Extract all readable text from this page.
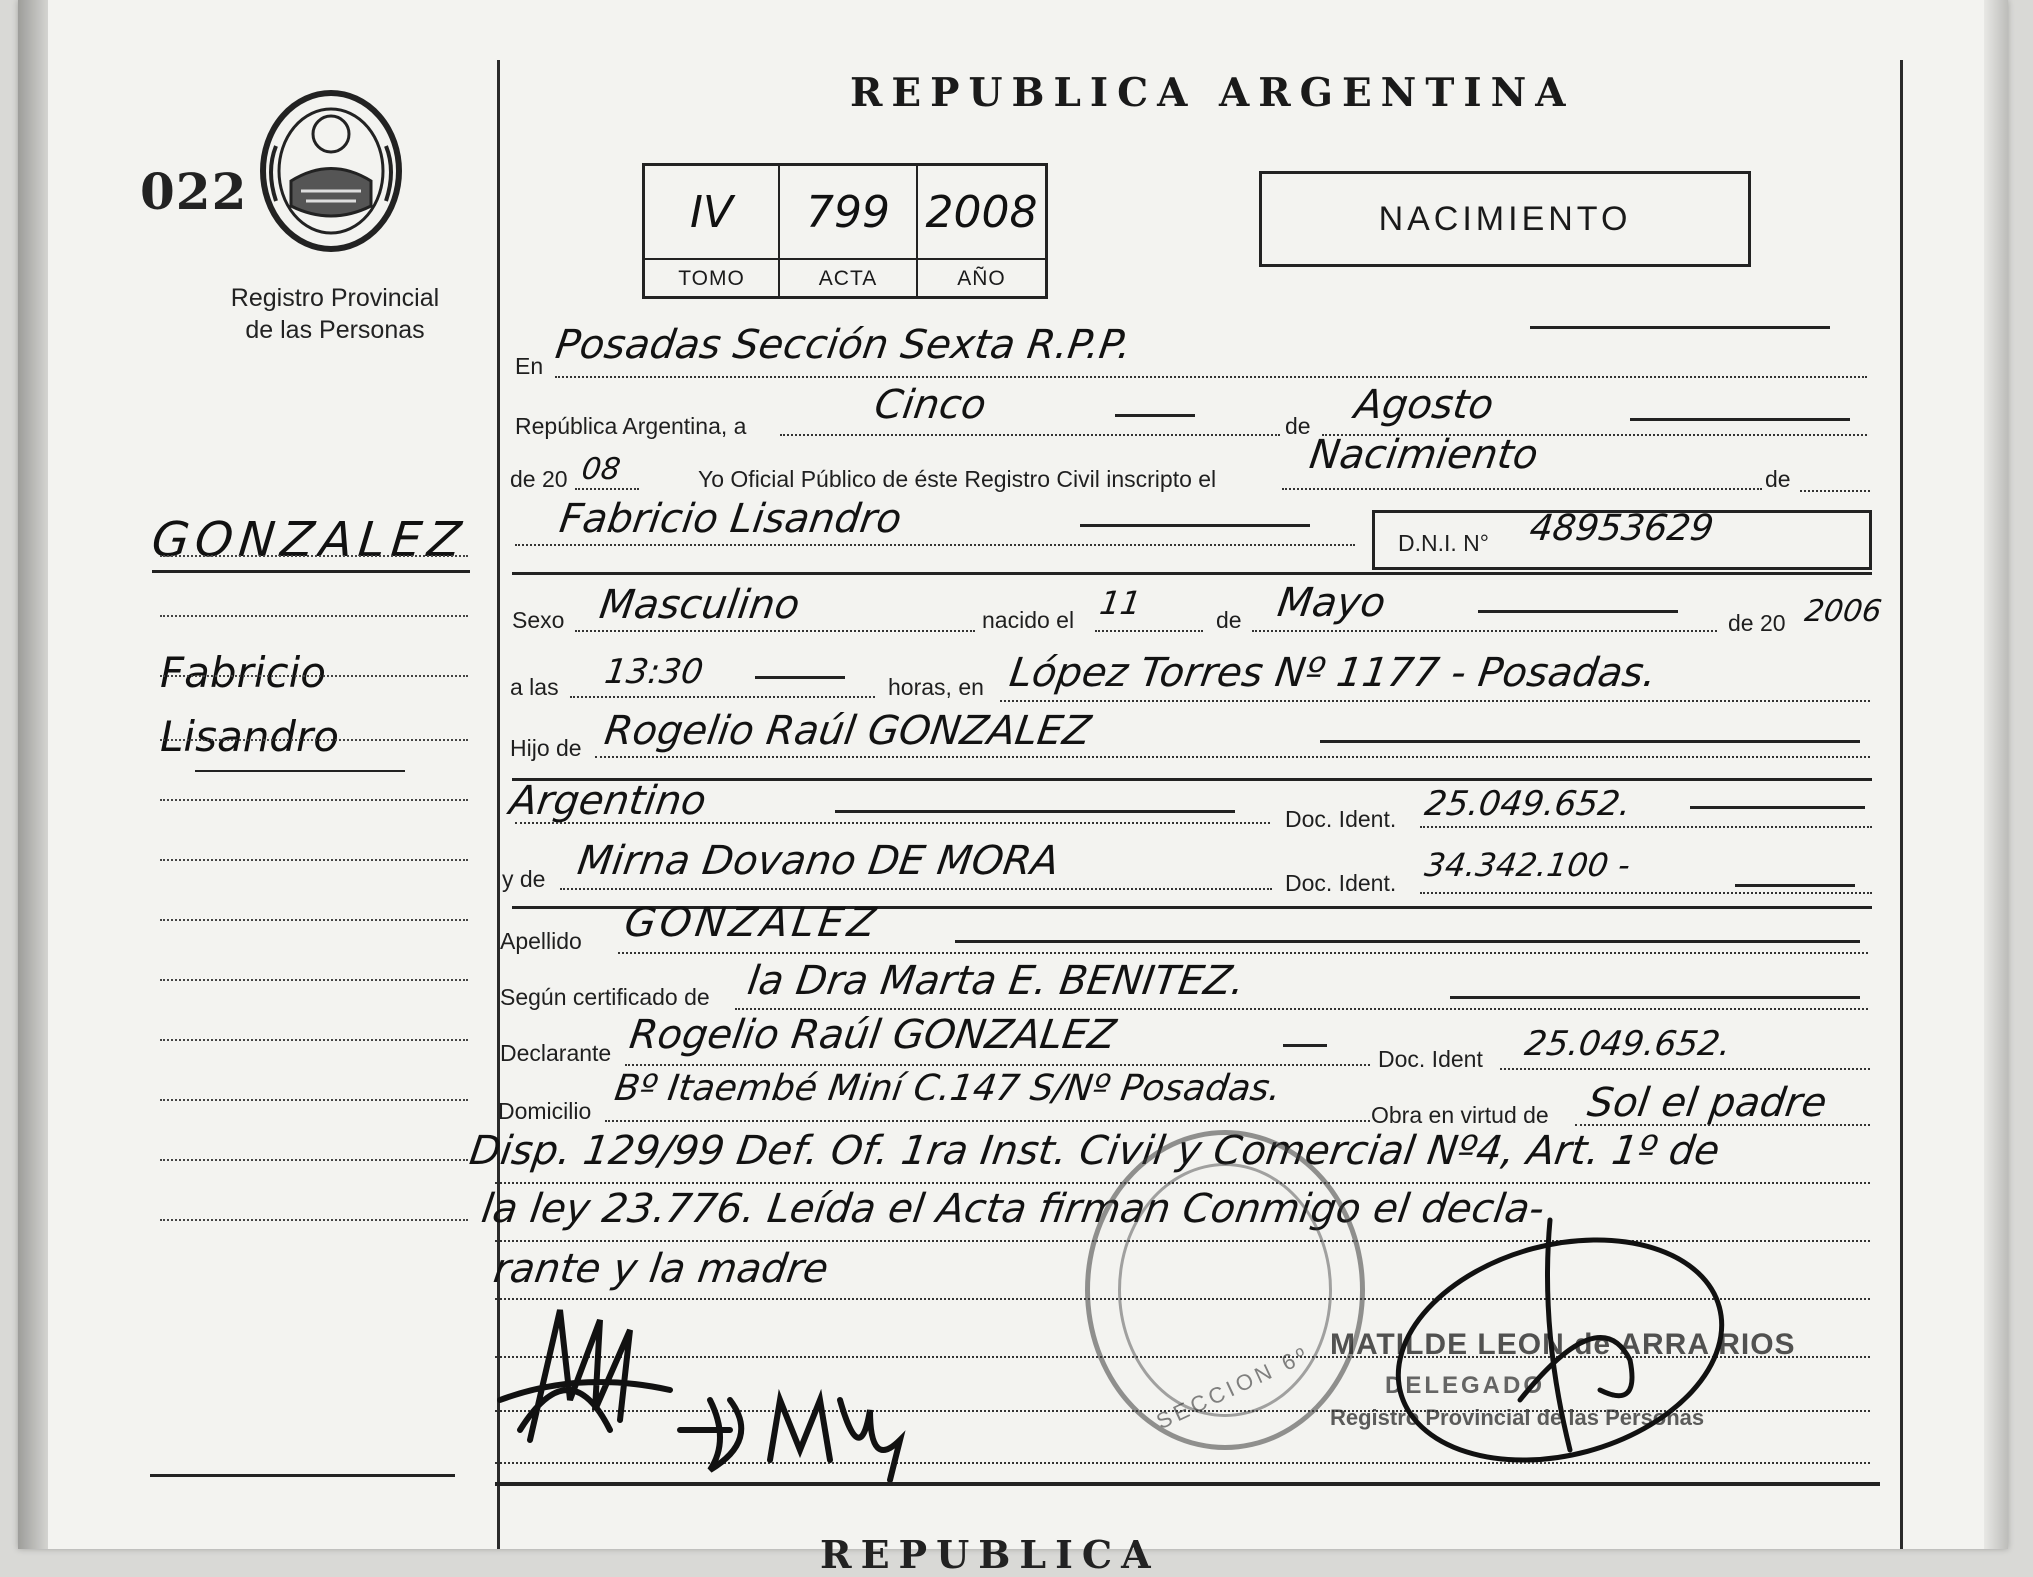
022
Registro Provincial
de las Personas
GONZALEZ
Fabricio
Lisandro
REPUBLICA ARGENTINA
IV	799 2008
TOMO	ACTA	AÑO
NACIMIENTO
En Posadas Sección Sexta R.P.P.
República Argentina, a	Cinco	de Agosto
de 20 08	Yo Oficial Público de éste Registro Civil inscripto el
Nacimiento
de
Fabricio Lisandro
D.N.I. N° 48953629
Sexo Masculino	nacido el 11	de Mayo	de 20 2006
a las 13:30	horas, en López Torres Nº 1177 - Posadas.
Hijo de Rogelio Raúl GONZALEZ
Argentino	Doc. Ident. 25.049.652.
y de Mirna Dovano DE MORA	Doc. Ident. 34.342.100 -
Apellido GONZALEZ
Según certificado de la Dra Marta E. BENITEZ.
Declarante Rogelio Raúl GONZALEZ
Doc. Ident 25.049.652.
Domicilio
Bº Itaembé Miní C.147 S/Nº Posadas.
Obra en virtud de Sol el padre
Disp. 129/99 Def. Of. 1ra Inst. Civil y Comercial Nº4, Art. 1º de
la ley 23.776. Leída el Acta firman Conmigo el decla-
rante y la madre
SECCION 6º MATILDE LEON de ARRA RIOS
DELEGADO
Registro Provincial de las Personas
REPUBLICA
